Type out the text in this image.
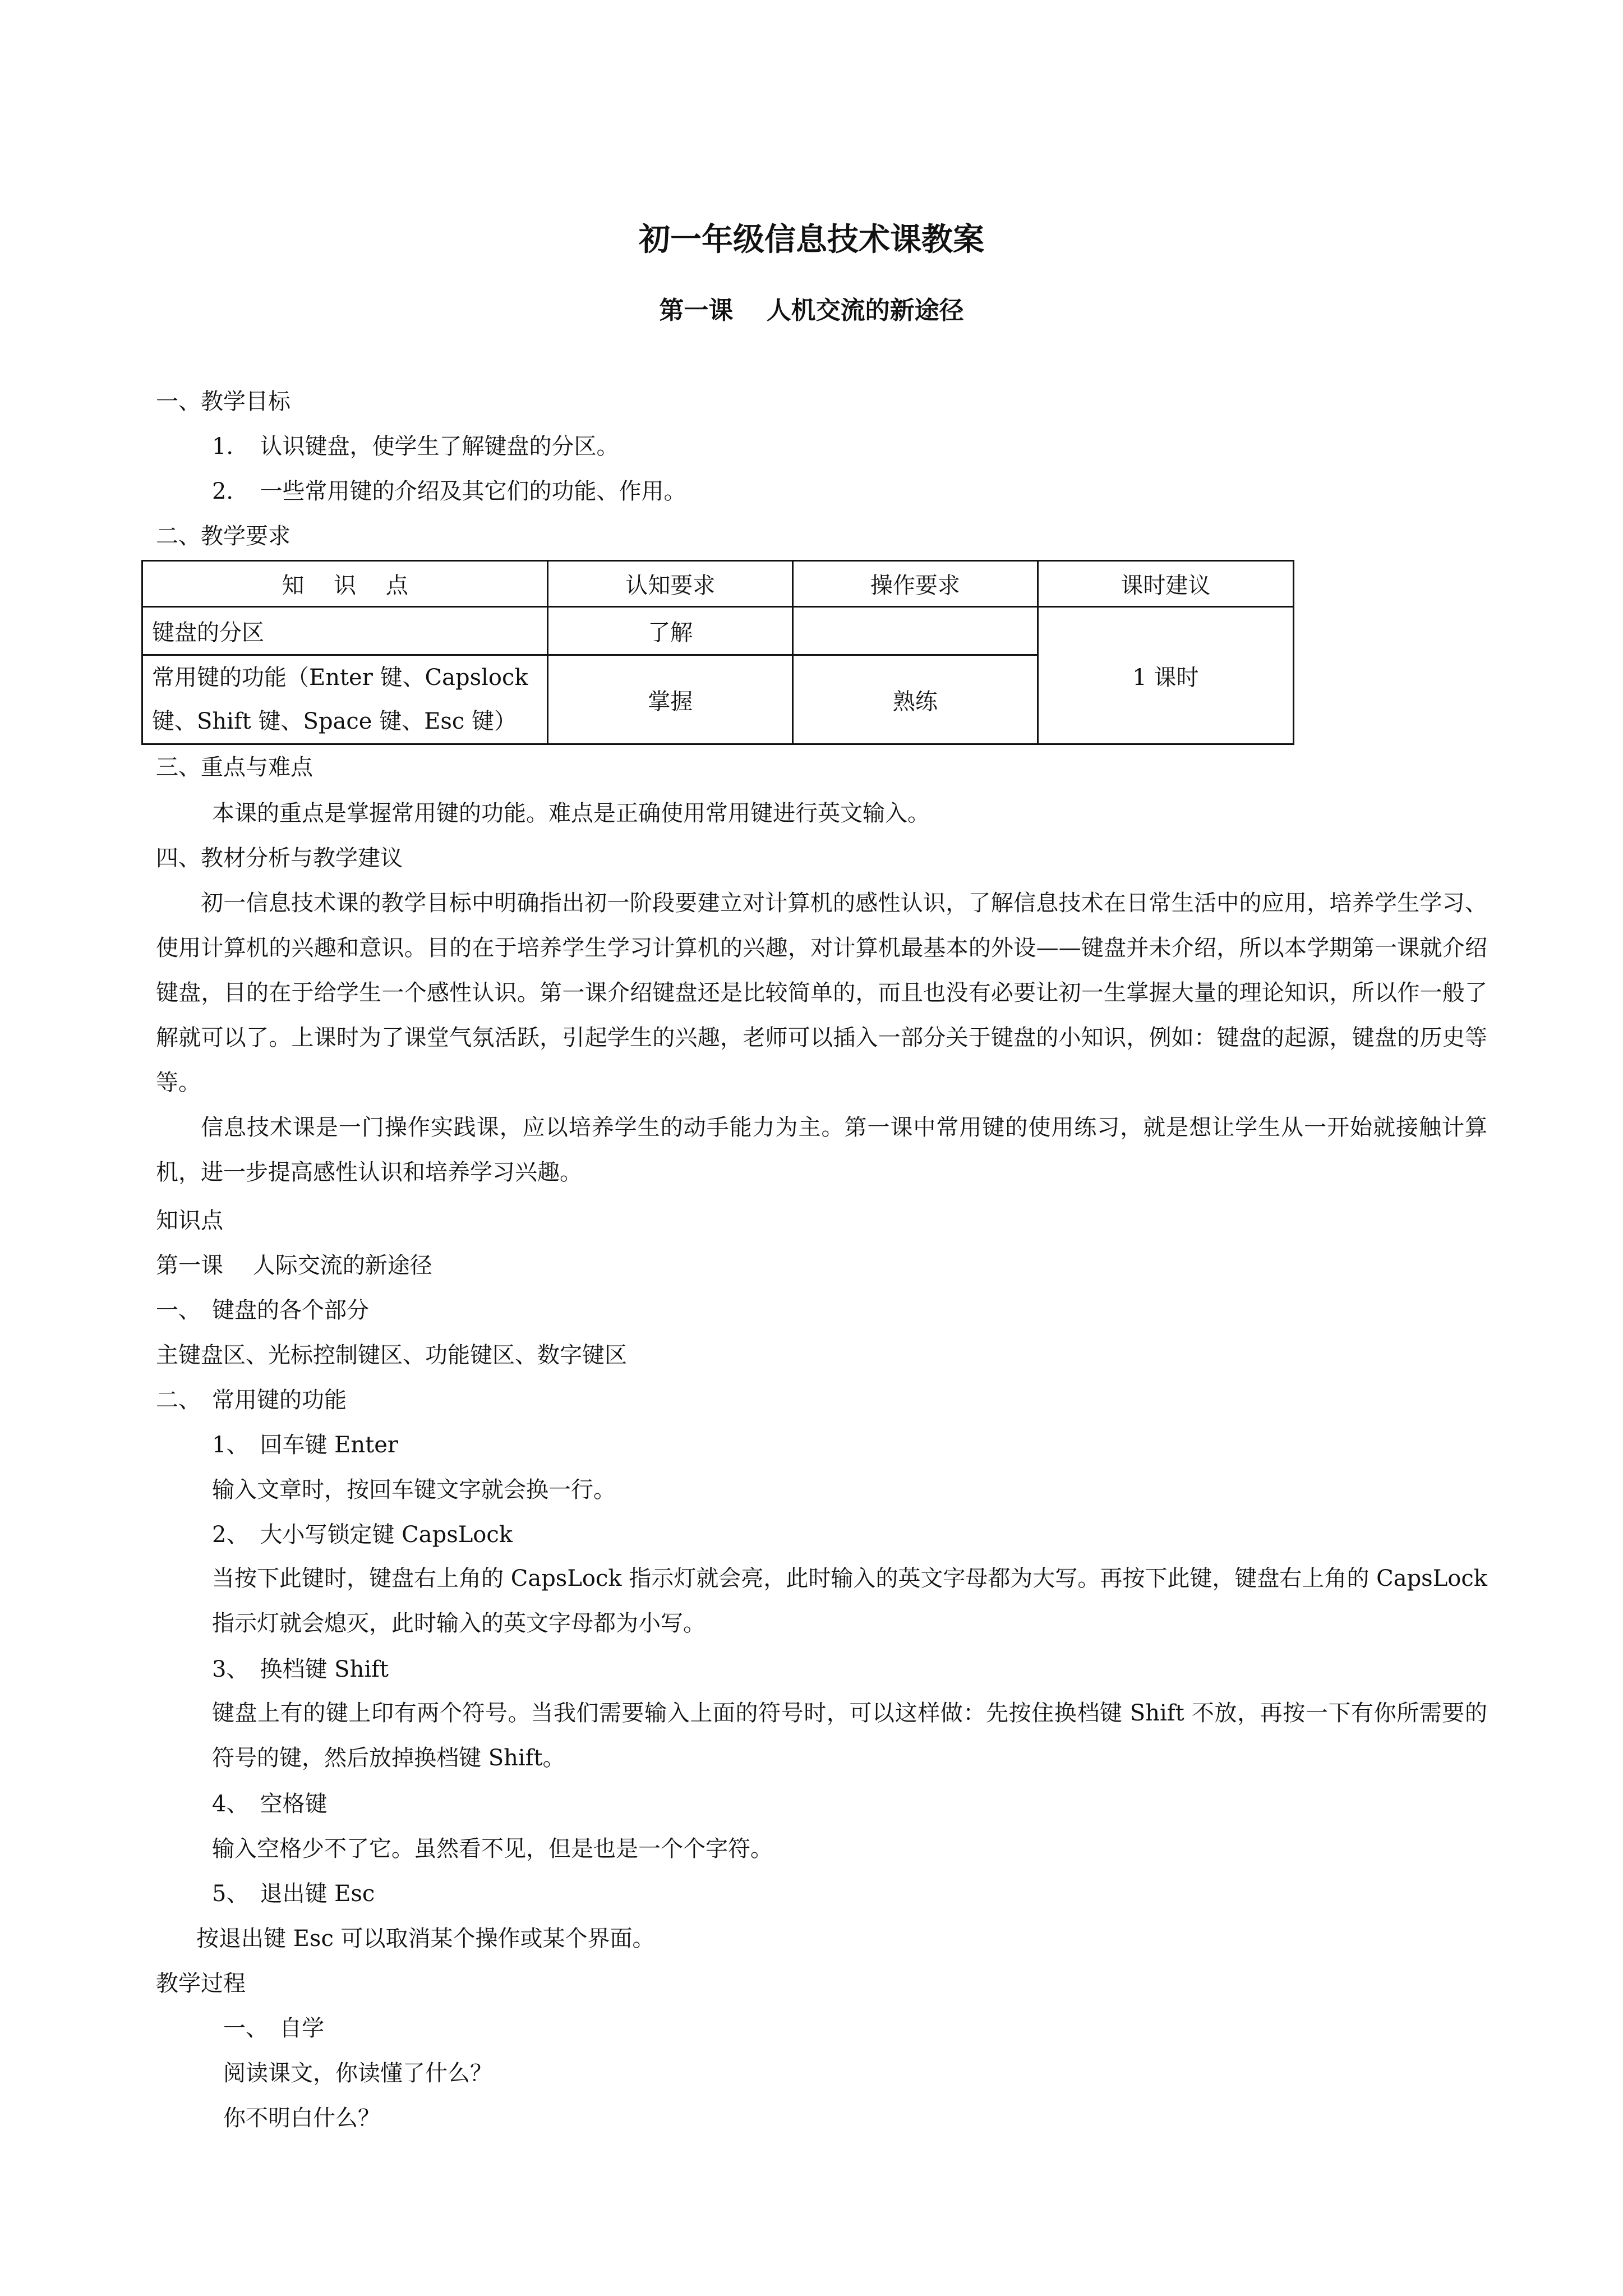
初一年级信息技术课教案
第一课　 人机交流的新途径
一、教学目标
1．　认识键盘，使学生了解键盘的分区。
2．　一些常用键的介绍及其它们的功能、作用。
二、教学要求
知　 识　 点	认知要求	操作要求	课时建议
键盘的分区	了解		1 课时
常用键的功能（Enter 键、Capslock 键、Shift 键、Space 键、Esc 键）	掌握	熟练	
三、重点与难点
本课的重点是掌握常用键的功能。难点是正确使用常用键进行英文输入。
四、教材分析与教学建议
初一信息技术课的教学目标中明确指出初一阶段要建立对计算机的感性认识，了解信息技术在日常生活中的应用，培养学生学习、使用计算机的兴趣和意识。目的在于培养学生学习计算机的兴趣，对计算机最基本的外设——键盘并未介绍，所以本学期第一课就介绍键盘，目的在于给学生一个感性认识。第一课介绍键盘还是比较简单的，而且也没有必要让初一生掌握大量的理论知识，所以作一般了解就可以了。上课时为了课堂气氛活跃，引起学生的兴趣，老师可以插入一部分关于键盘的小知识，例如：键盘的起源，键盘的历史等等。
信息技术课是一门操作实践课，应以培养学生的动手能力为主。第一课中常用键的使用练习，就是想让学生从一开始就接触计算机，进一步提高感性认识和培养学习兴趣。
知识点
第一课　 人际交流的新途径
一、　键盘的各个部分
主键盘区、光标控制键区、功能键区、数字键区
二、　常用键的功能
1、　回车键 Enter
输入文章时，按回车键文字就会换一行。
2、　大小写锁定键 CapsLock
当按下此键时，键盘右上角的 CapsLock 指示灯就会亮，此时输入的英文字母都为大写。再按下此键，键盘右上角的 CapsLock 指示灯就会熄灭，此时输入的英文字母都为小写。
3、　换档键 Shift
键盘上有的键上印有两个符号。当我们需要输入上面的符号时，可以这样做：先按住换档键 Shift 不放，再按一下有你所需要的符号的键，然后放掉换档键 Shift。
4、　空格键
输入空格少不了它。虽然看不见，但是也是一个个字符。
5、　退出键 Esc
按退出键 Esc 可以取消某个操作或某个界面。
教学过程
一、　自学
阅读课文，你读懂了什么？
你不明白什么？
